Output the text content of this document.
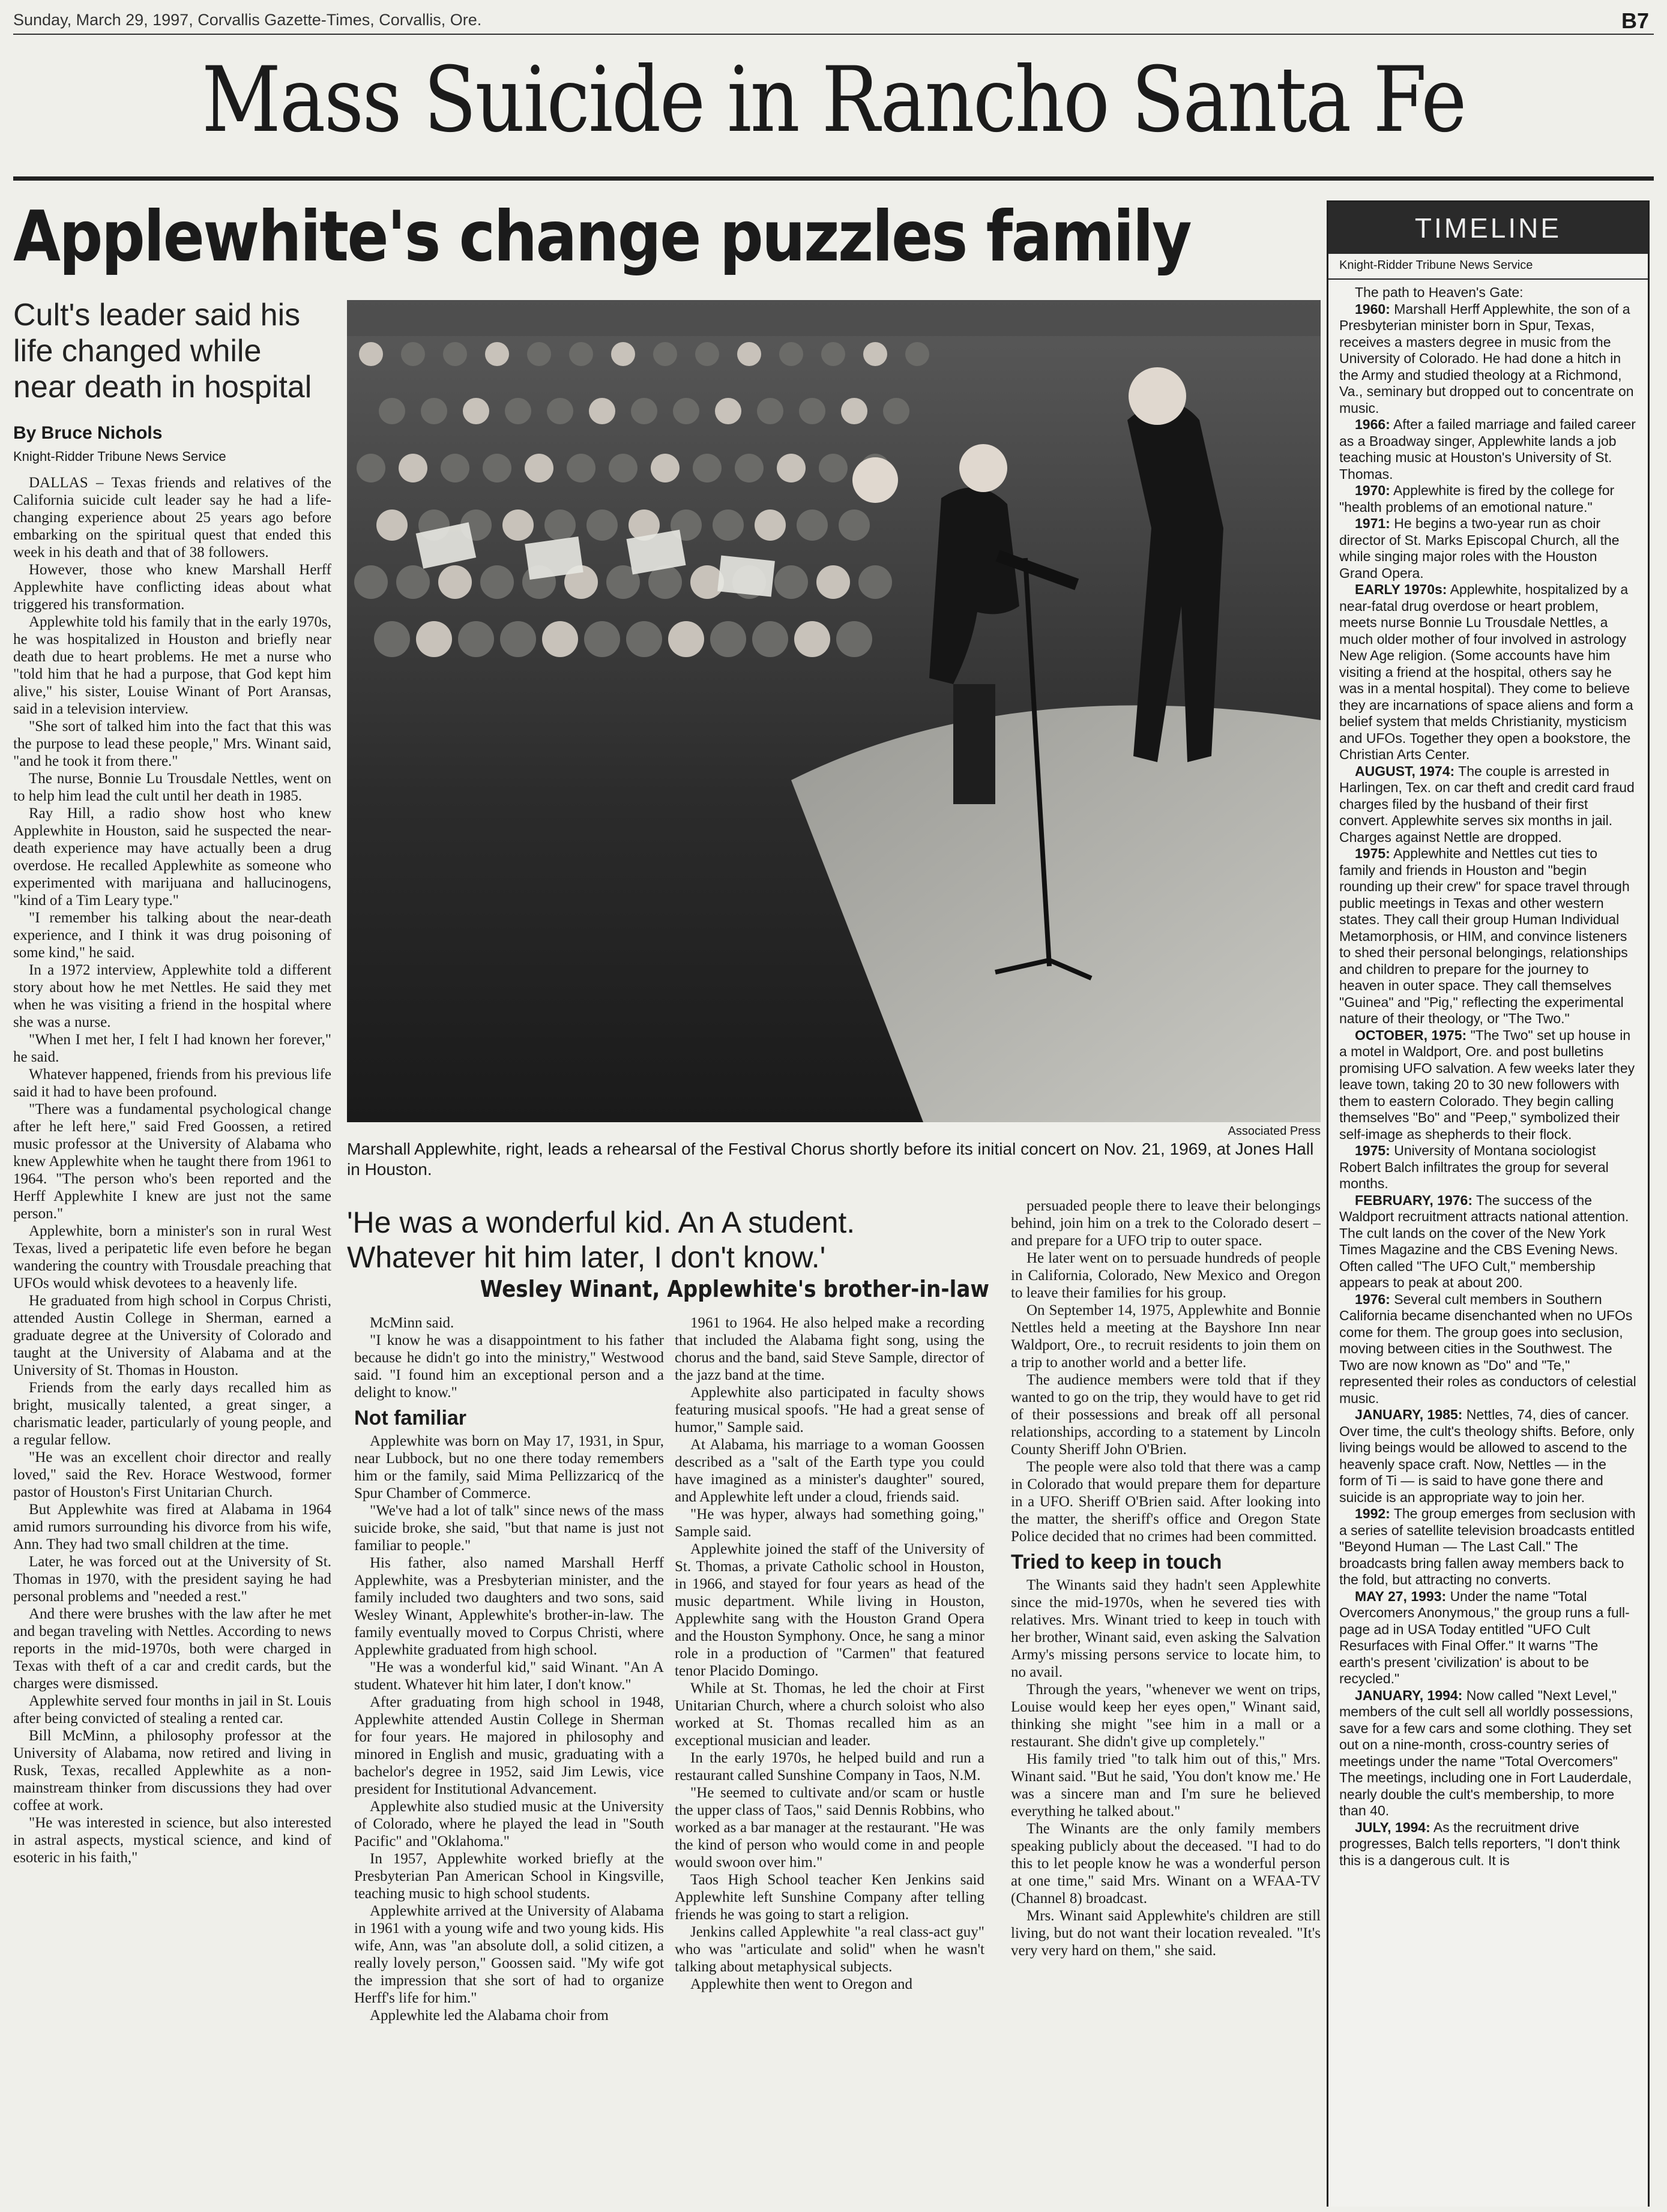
Sunday, March 29, 1997, Corvallis Gazette-Times, Corvallis, Ore.	B7
Mass Suicide in Rancho Santa Fe
Applewhite's change puzzles family
Cult's leader said his life changed while near death in hospital
By Bruce Nichols
Knight-Ridder Tribune News Service

DALLAS – Texas friends and relatives of the California suicide cult leader say he had a life-changing experience about 25 years ago before embarking on the spiritual quest that ended this week in his death and that of 38 followers.

However, those who knew Marshall Herff Applewhite have conflicting ideas about what triggered his transformation.

Applewhite told his family that in the early 1970s, he was hospitalized in Houston and briefly near death due to heart problems. He met a nurse who "told him that he had a purpose, that God kept him alive," his sister, Louise Winant of Port Aransas, said in a television interview.

"She sort of talked him into the fact that this was the purpose to lead these people," Mrs. Winant said, "and he took it from there."

The nurse, Bonnie Lu Trousdale Nettles, went on to help him lead the cult until her death in 1985.

Ray Hill, a radio show host who knew Applewhite in Houston, said he suspected the near-death experience may have actually been a drug overdose. He recalled Applewhite as someone who experimented with marijuana and hallucinogens, "kind of a Tim Leary type."

"I remember his talking about the near-death experience, and I think it was drug poisoning of some kind," he said.

In a 1972 interview, Applewhite told a different story about how he met Nettles. He said they met when he was visiting a friend in the hospital where she was a nurse.

"When I met her, I felt I had known her forever," he said.

Whatever happened, friends from his previous life said it had to have been profound.

"There was a fundamental psychological change after he left here," said Fred Goossen, a retired music professor at the University of Alabama who knew Applewhite when he taught there from 1961 to 1964. "The person who's been reported and the Herff Applewhite I knew are just not the same person."

Applewhite, born a minister's son in rural West Texas, lived a peripatetic life even before he began wandering the country with Trousdale preaching that UFOs would whisk devotees to a heavenly life.

He graduated from high school in Corpus Christi, attended Austin College in Sherman, earned a graduate degree at the University of Colorado and taught at the University of Alabama and at the University of St. Thomas in Houston.

Friends from the early days recalled him as bright, musically talented, a great singer, a charismatic leader, particularly of young people, and a regular fellow.

"He was an excellent choir director and really loved," said the Rev. Horace Westwood, former pastor of Houston's First Unitarian Church.

But Applewhite was fired at Alabama in 1964 amid rumors surrounding his divorce from his wife, Ann. They had two small children at the time.

Later, he was forced out at the University of St. Thomas in 1970, with the president saying he had personal problems and "needed a rest."

And there were brushes with the law after he met and began traveling with Nettles. According to news reports in the mid-1970s, both were charged in Texas with theft of a car and credit cards, but the charges were dismissed.

Applewhite served four months in jail in St. Louis after being convicted of stealing a rented car.

Bill McMinn, a philosophy professor at the University of Alabama, now retired and living in Rusk, Texas, recalled Applewhite as a non-mainstream thinker from discussions they had over coffee at work.

"He was interested in science, but also interested in astral aspects, mystical science, and kind of esoteric in his faith,"

Associated Press
Marshall Applewhite, right, leads a rehearsal of the Festival Chorus shortly before its initial concert on Nov. 21, 1969, at Jones Hall in Houston.
'He was a wonderful kid. An A student. Whatever hit him later, I don't know.'
Wesley Winant, Applewhite's brother-in-law

McMinn said.

"I know he was a disappointment to his father because he didn't go into the ministry," Westwood said. "I found him an exceptional person and a delight to know."

Not familiar

Applewhite was born on May 17, 1931, in Spur, near Lubbock, but no one there today remembers him or the family, said Mima Pellizzaricq of the Spur Chamber of Commerce.

"We've had a lot of talk" since news of the mass suicide broke, she said, "but that name is just not familiar to people."

His father, also named Marshall Herff Applewhite, was a Presbyterian minister, and the family included two daughters and two sons, said Wesley Winant, Applewhite's brother-in-law. The family eventually moved to Corpus Christi, where Applewhite graduated from high school.

"He was a wonderful kid," said Winant. "An A student. Whatever hit him later, I don't know."

After graduating from high school in 1948, Applewhite attended Austin College in Sherman for four years. He majored in philosophy and minored in English and music, graduating with a bachelor's degree in 1952, said Jim Lewis, vice president for Institutional Advancement.

Applewhite also studied music at the University of Colorado, where he played the lead in "South Pacific" and "Oklahoma."

In 1957, Applewhite worked briefly at the Presbyterian Pan American School in Kingsville, teaching music to high school students.

Applewhite arrived at the University of Alabama in 1961 with a young wife and two young kids. His wife, Ann, was "an absolute doll, a solid citizen, a really lovely person," Goossen said. "My wife got the impression that she sort of had to organize Herff's life for him."

Applewhite led the Alabama choir from

1961 to 1964. He also helped make a recording that included the Alabama fight song, using the chorus and the band, said Steve Sample, director of the jazz band at the time.

Applewhite also participated in faculty shows featuring musical spoofs. "He had a great sense of humor," Sample said.

At Alabama, his marriage to a woman Goossen described as a "salt of the Earth type you could have imagined as a minister's daughter" soured, and Applewhite left under a cloud, friends said.

"He was hyper, always had something going," Sample said.

Applewhite joined the staff of the University of St. Thomas, a private Catholic school in Houston, in 1966, and stayed for four years as head of the music department. While living in Houston, Applewhite sang with the Houston Grand Opera and the Houston Symphony. Once, he sang a minor role in a production of "Carmen" that featured tenor Placido Domingo.

While at St. Thomas, he led the choir at First Unitarian Church, where a church soloist who also worked at St. Thomas recalled him as an exceptional musician and leader.

In the early 1970s, he helped build and run a restaurant called Sunshine Company in Taos, N.M.

"He seemed to cultivate and/or scam or hustle the upper class of Taos," said Dennis Robbins, who worked as a bar manager at the restaurant. "He was the kind of person who would come in and people would swoon over him."

Taos High School teacher Ken Jenkins said Applewhite left Sunshine Company after telling friends he was going to start a religion.

Jenkins called Applewhite "a real class-act guy" who was "articulate and solid" when he wasn't talking about metaphysical subjects.

Applewhite then went to Oregon and

persuaded people there to leave their belongings behind, join him on a trek to the Colorado desert – and prepare for a UFO trip to outer space.

He later went on to persuade hundreds of people in California, Colorado, New Mexico and Oregon to leave their families for his group.

On September 14, 1975, Applewhite and Bonnie Nettles held a meeting at the Bayshore Inn near Waldport, Ore., to recruit residents to join them on a trip to another world and a better life.

The audience members were told that if they wanted to go on the trip, they would have to get rid of their possessions and break off all personal relationships, according to a statement by Lincoln County Sheriff John O'Brien.

The people were also told that there was a camp in Colorado that would prepare them for departure in a UFO. Sheriff O'Brien said. After looking into the matter, the sheriff's office and Oregon State Police decided that no crimes had been committed.

Tried to keep in touch

The Winants said they hadn't seen Applewhite since the mid-1970s, when he severed ties with relatives. Mrs. Winant tried to keep in touch with her brother, Winant said, even asking the Salvation Army's missing persons service to locate him, to no avail.

Through the years, "whenever we went on trips, Louise would keep her eyes open," Winant said, thinking she might "see him in a mall or a restaurant. She didn't give up completely."

His family tried "to talk him out of this," Mrs. Winant said. "But he said, 'You don't know me.' He was a sincere man and I'm sure he believed everything he talked about."

The Winants are the only family members speaking publicly about the deceased. "I had to do this to let people know he was a wonderful person at one time," said Mrs. Winant on a WFAA-TV (Channel 8) broadcast.

Mrs. Winant said Applewhite's children are still living, but do not want their location revealed. "It's very very hard on them," she said.

TIMELINE
Knight-Ridder Tribune News Service

The path to Heaven's Gate:

1960: Marshall Herff Applewhite, the son of a Presbyterian minister born in Spur, Texas, receives a masters degree in music from the University of Colorado. He had done a hitch in the Army and studied theology at a Richmond, Va., seminary but dropped out to concentrate on music.

1966: After a failed marriage and failed career as a Broadway singer, Applewhite lands a job teaching music at Houston's University of St. Thomas.

1970: Applewhite is fired by the college for "health problems of an emotional nature."

1971: He begins a two-year run as choir director of St. Marks Episcopal Church, all the while singing major roles with the Houston Grand Opera.

EARLY 1970s: Applewhite, hospitalized by a near-fatal drug overdose or heart problem, meets nurse Bonnie Lu Trousdale Nettles, a much older mother of four involved in astrology New Age religion. (Some accounts have him visiting a friend at the hospital, others say he was in a mental hospital). They come to believe they are incarnations of space aliens and form a belief system that melds Christianity, mysticism and UFOs. Together they open a bookstore, the Christian Arts Center.

AUGUST, 1974: The couple is arrested in Harlingen, Tex. on car theft and credit card fraud charges filed by the husband of their first convert. Applewhite serves six months in jail. Charges against Nettle are dropped.

1975: Applewhite and Nettles cut ties to family and friends in Houston and "begin rounding up their crew" for space travel through public meetings in Texas and other western states. They call their group Human Individual Metamorphosis, or HIM, and convince listeners to shed their personal belongings, relationships and children to prepare for the journey to heaven in outer space. They call themselves "Guinea" and "Pig," reflecting the experimental nature of their theology, or "The Two."

OCTOBER, 1975: "The Two" set up house in a motel in Waldport, Ore. and post bulletins promising UFO salvation. A few weeks later they leave town, taking 20 to 30 new followers with them to eastern Colorado. They begin calling themselves "Bo" and "Peep," symbolized their self-image as shepherds to their flock.

1975: University of Montana sociologist Robert Balch infiltrates the group for several months.

FEBRUARY, 1976: The success of the Waldport recruitment attracts national attention. The cult lands on the cover of the New York Times Magazine and the CBS Evening News. Often called "The UFO Cult," membership appears to peak at about 200.

1976: Several cult members in Southern California became disenchanted when no UFOs come for them. The group goes into seclusion, moving between cities in the Southwest. The Two are now known as "Do" and "Te," represented their roles as conductors of celestial music.

JANUARY, 1985: Nettles, 74, dies of cancer. Over time, the cult's theology shifts. Before, only living beings would be allowed to ascend to the heavenly space craft. Now, Nettles — in the form of Ti — is said to have gone there and suicide is an appropriate way to join her.

1992: The group emerges from seclusion with a series of satellite television broadcasts entitled "Beyond Human — The Last Call." The broadcasts bring fallen away members back to the fold, but attracting no converts.

MAY 27, 1993: Under the name "Total Overcomers Anonymous," the group runs a full-page ad in USA Today entitled "UFO Cult Resurfaces with Final Offer." It warns "The earth's present 'civilization' is about to be recycled."

JANUARY, 1994: Now called "Next Level," members of the cult sell all worldly possessions, save for a few cars and some clothing. They set out on a nine-month, cross-country series of meetings under the name "Total Overcomers" The meetings, including one in Fort Lauderdale, nearly double the cult's membership, to more than 40.

JULY, 1994: As the recruitment drive progresses, Balch tells reporters, "I don't think this is a dangerous cult. It is
